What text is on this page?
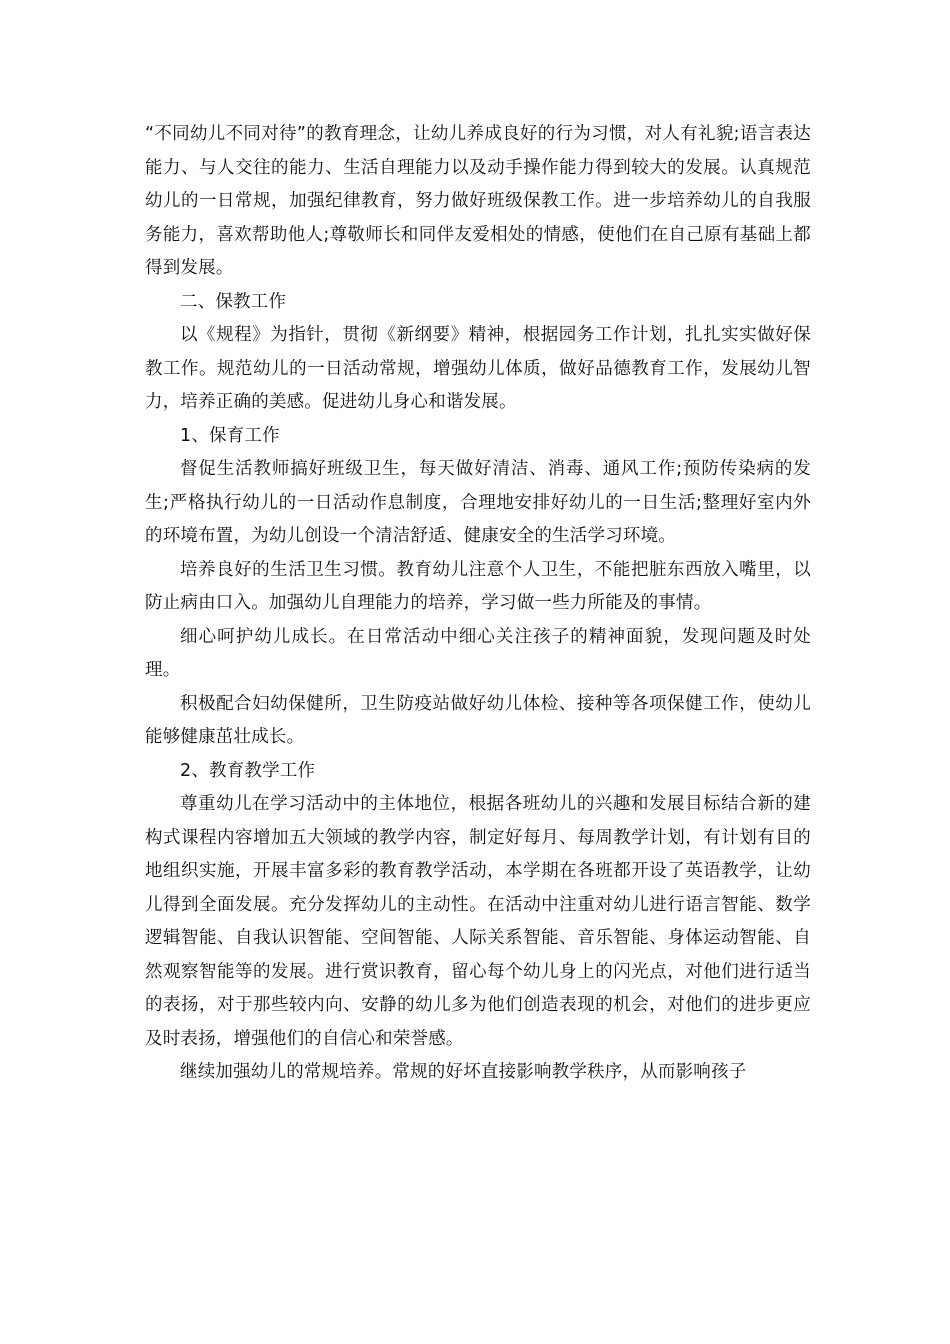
“不同幼儿不同对待”的教育理念，让幼儿养成良好的行为习惯，对人有礼貌;语言表达能力、与人交往的能力、生活自理能力以及动手操作能力得到较大的发展。认真规范幼儿的一日常规，加强纪律教育，努力做好班级保教工作。进一步培养幼儿的自我服务能力，喜欢帮助他人;尊敬师长和同伴友爱相处的情感，使他们在自己原有基础上都得到发展。

二、保教工作

以《规程》为指针，贯彻《新纲要》精神，根据园务工作计划，扎扎实实做好保教工作。规范幼儿的一日活动常规，增强幼儿体质，做好品德教育工作，发展幼儿智力，培养正确的美感。促进幼儿身心和谐发展。

1、保育工作

督促生活教师搞好班级卫生，每天做好清洁、消毒、通风工作;预防传染病的发生;严格执行幼儿的一日活动作息制度，合理地安排好幼儿的一日生活;整理好室内外的环境布置，为幼儿创设一个清洁舒适、健康安全的生活学习环境。

培养良好的生活卫生习惯。教育幼儿注意个人卫生，不能把脏东西放入嘴里，以防止病由口入。加强幼儿自理能力的培养，学习做一些力所能及的事情。

细心呵护幼儿成长。在日常活动中细心关注孩子的精神面貌，发现问题及时处理。

积极配合妇幼保健所，卫生防疫站做好幼儿体检、接种等各项保健工作，使幼儿能够健康茁壮成长。

2、教育教学工作

尊重幼儿在学习活动中的主体地位，根据各班幼儿的兴趣和发展目标结合新的建构式课程内容增加五大领域的教学内容，制定好每月、每周教学计划，有计划有目的地组织实施，开展丰富多彩的教育教学活动，本学期在各班都开设了英语教学，让幼儿得到全面发展。充分发挥幼儿的主动性。在活动中注重对幼儿进行语言智能、数学逻辑智能、自我认识智能、空间智能、人际关系智能、音乐智能、身体运动智能、自然观察智能等的发展。进行赏识教育，留心每个幼儿身上的闪光点，对他们进行适当的表扬，对于那些较内向、安静的幼儿多为他们创造表现的机会，对他们的进步更应及时表扬，增强他们的自信心和荣誉感。

继续加强幼儿的常规培养。常规的好坏直接影响教学秩序，从而影响孩子
